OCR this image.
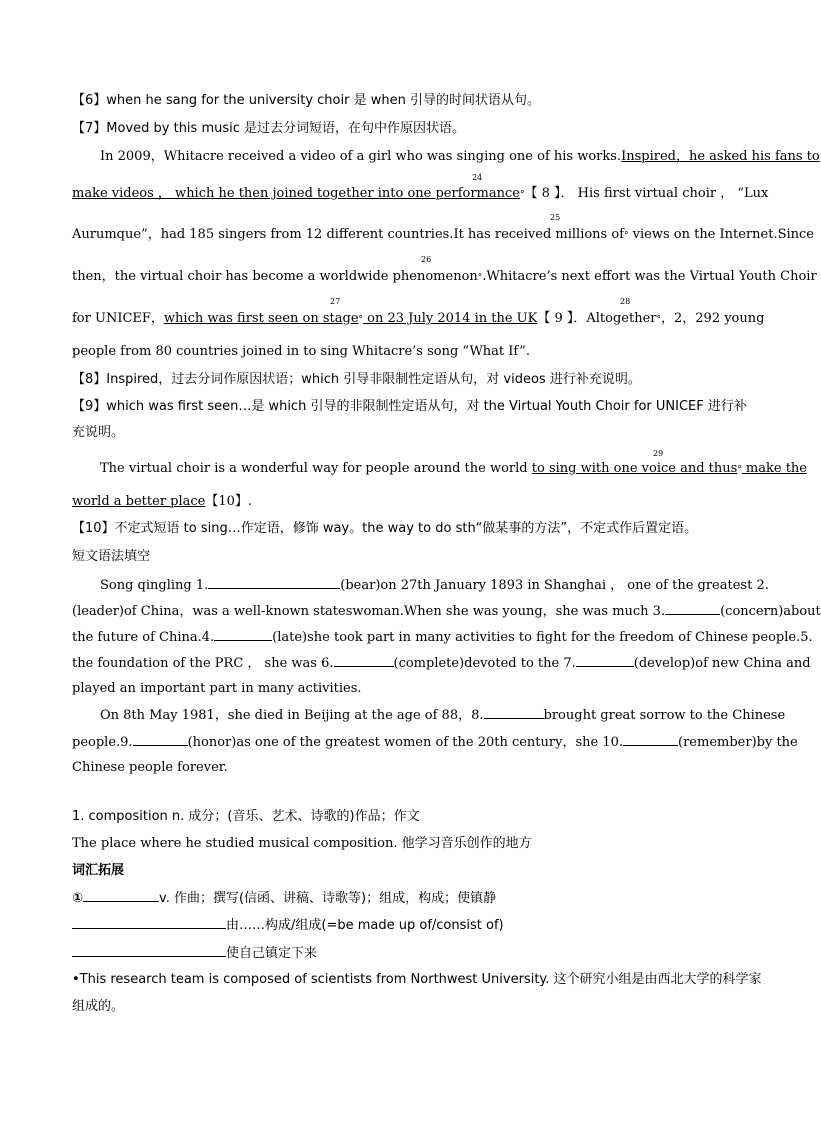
【6】when he sang for the university choir 是 when 引导的时间状语从句。
【7】Moved by this music 是过去分词短语，在句中作原因状语。
In 2009，Whitacre received a video of a girl who was singing one of his works.Inspired，he asked his fans to
24
make videos ， which he then joined together into one performance°【 8 】． His first virtual choir ， “Lux
25
Aurumque”，had 185 singers from 12 different countries.It has received millions of° views on the Internet.Since
26
then，the virtual choir has become a worldwide phenomenon°.Whitacre’s next effort was the Virtual Youth Choir
27	28
for UNICEF，which was first seen on stage° on 23 July 2014 in the UK【 9 】．Altogether°，2，292 young
people from 80 countries joined in to sing Whitacre’s song “What If”.
【8】Inspired，过去分词作原因状语；which 引导非限制性定语从句，对 videos 进行补充说明。
【9】which was first seen…是 which 引导的非限制性定语从句，对 the Virtual Youth Choir for UNICEF 进行补
充说明。
29
The virtual choir is a wonderful way for people around the world to sing with one voice and thus° make the
world a better place【10】.
【10】不定式短语 to sing…作定语，修饰 way。the way to do sth“做某事的方法”，不定式作后置定语。
短文语法填空
Song qingling 1.	(bear)on 27th January 1893 in Shanghai ， one of the greatest 2.
(leader)of China，was a well-known stateswoman.When she was young，she was much 3.	(concern)about
the future of China.4.	(late)she took part in many activities to fight for the freedom of Chinese people.5.
the foundation of the PRC ， she was 6.	(complete)devoted to the 7.	(develop)of new China and
played an important part in many activities.
On 8th May 1981，she died in Beijing at the age of 88，8.	brought great sorrow to the Chinese
people.9.	(honor)as one of the greatest women of the 20th century，she 10.	(remember)by the
Chinese people forever.
1. composition n. 成分；(音乐、艺术、诗歌的)作品；作文
The place where he studied musical composition. 他学习音乐创作的地方
词汇拓展
①	v. 作曲；撰写(信函、讲稿、诗歌等)；组成，构成；使镇静
由……构成/组成(=be made up of/consist of)
使自己镇定下来
•This research team is composed of scientists from Northwest University. 这个研究小组是由西北大学的科学家
组成的。
